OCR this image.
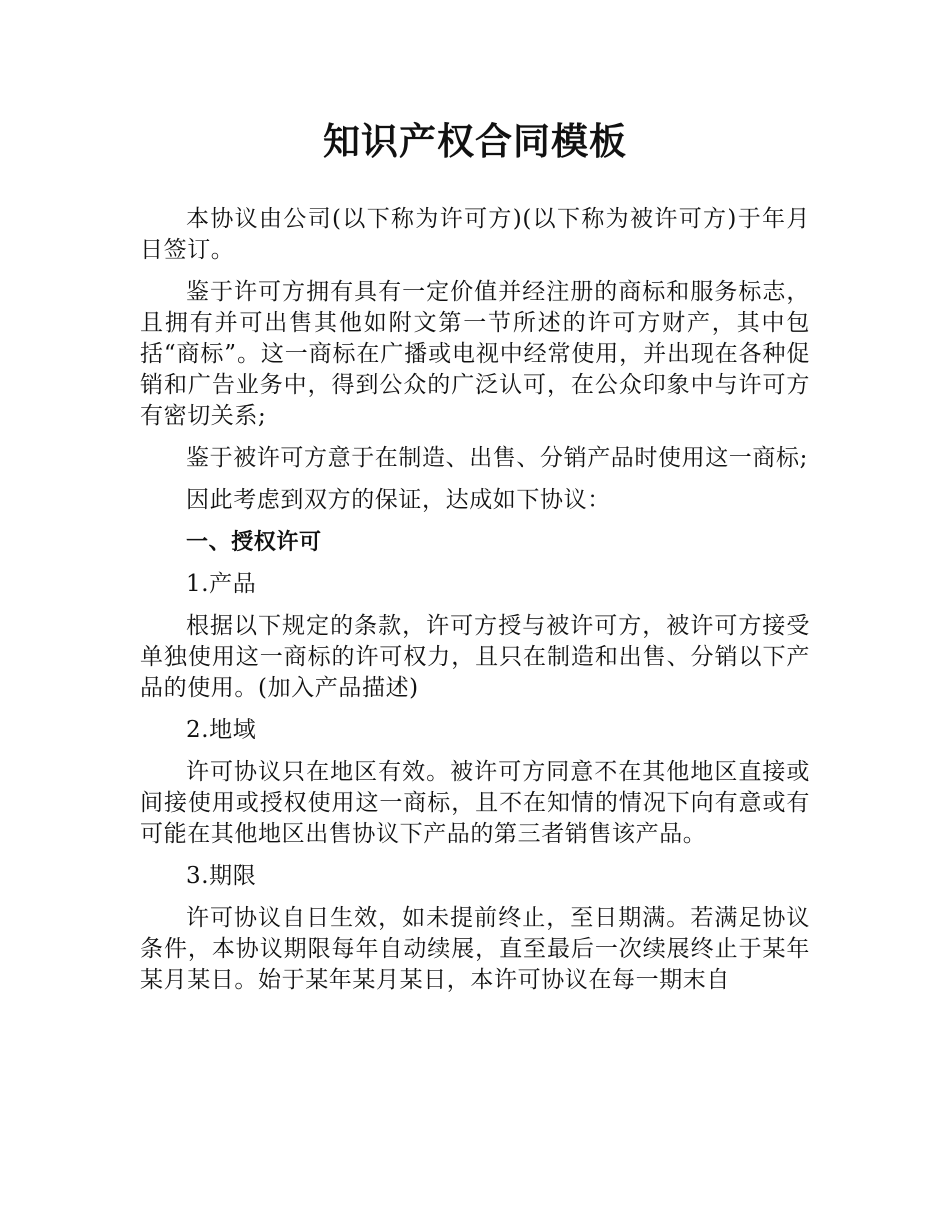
知识产权合同模板

本协议由公司(以下称为许可方)(以下称为被许可方)于年月日签订。

鉴于许可方拥有具有一定价值并经注册的商标和服务标志，且拥有并可出售其他如附文第一节所述的许可方财产，其中包括“商标”。这一商标在广播或电视中经常使用，并出现在各种促销和广告业务中，得到公众的广泛认可，在公众印象中与许可方有密切关系;

鉴于被许可方意于在制造、出售、分销产品时使用这一商标;

因此考虑到双方的保证，达成如下协议：

一、授权许可

1.产品

根据以下规定的条款，许可方授与被许可方，被许可方接受单独使用这一商标的许可权力，且只在制造和出售、分销以下产品的使用。(加入产品描述)

2.地域

许可协议只在地区有效。被许可方同意不在其他地区直接或间接使用或授权使用这一商标，且不在知情的情况下向有意或有可能在其他地区出售协议下产品的第三者销售该产品。

3.期限

许可协议自日生效，如未提前终止，至日期满。若满足协议条件，本协议期限每年自动续展，直至最后一次续展终止于某年某月某日。始于某年某月某日，本许可协议在每一期末自
